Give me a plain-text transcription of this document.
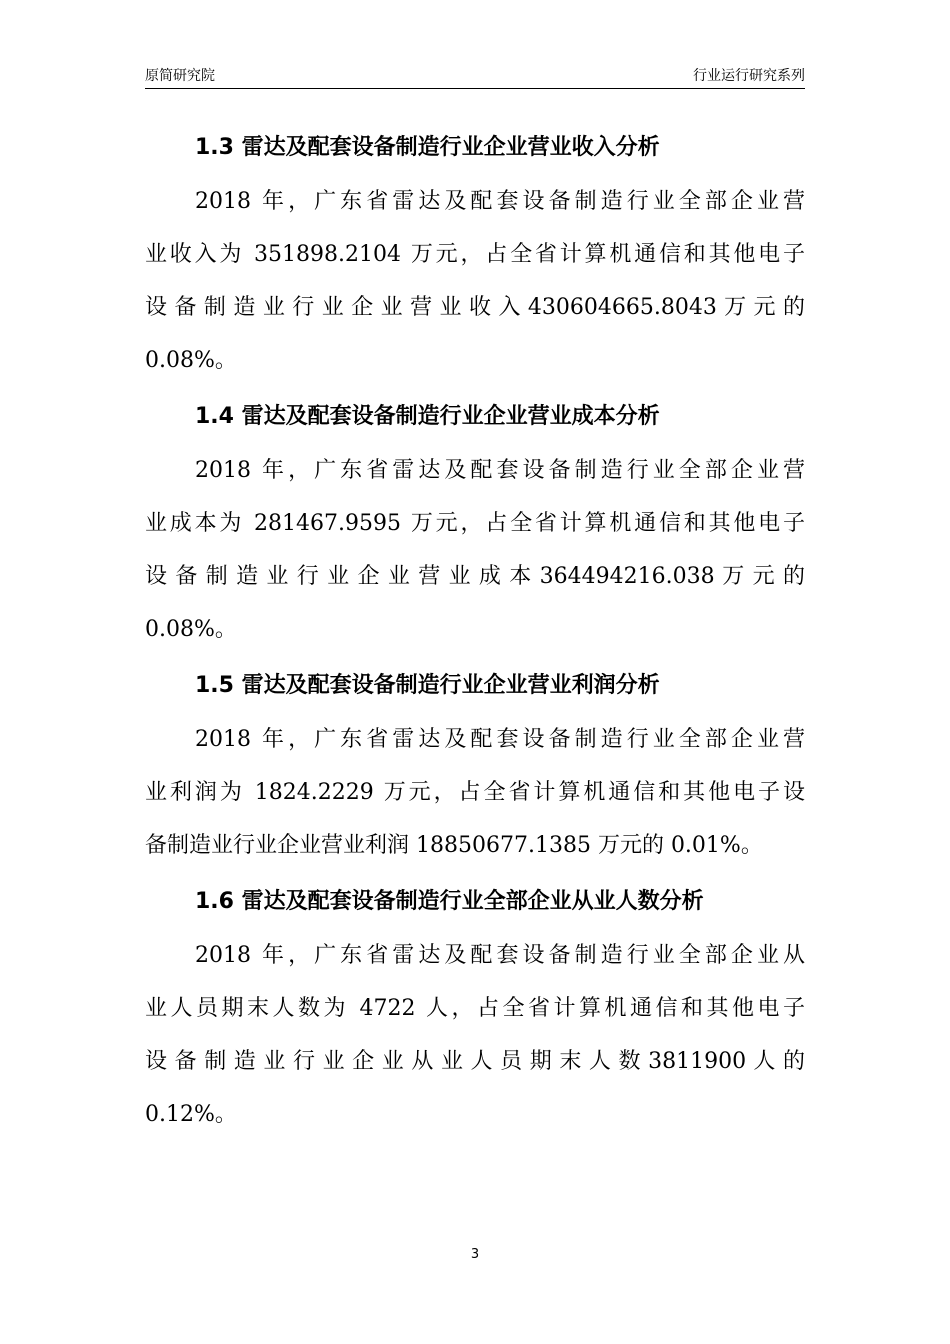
原简研究院	行业运行研究系列
1.3 雷达及配套设备制造行业企业营业收入分析

2018 年，广东省雷达及配套设备制造行业全部企业营
业收入为 351898.2104 万元，占全省计算机通信和其他电子
设 备 制 造 业 行 业 企 业 营 业 收 入 430604665.8043 万 元 的
0.08%。

1.4 雷达及配套设备制造行业企业营业成本分析

2018 年，广东省雷达及配套设备制造行业全部企业营
业成本为 281467.9595 万元，占全省计算机通信和其他电子
设 备 制 造 业 行 业 企 业 营 业 成 本 364494216.038 万 元 的
0.08%。

1.5 雷达及配套设备制造行业企业营业利润分析

2018 年，广东省雷达及配套设备制造行业全部企业营
业利润为 1824.2229 万元，占全省计算机通信和其他电子设
备制造业行业企业营业利润 18850677.1385 万元的 0.01%。

1.6 雷达及配套设备制造行业全部企业从业人数分析

2018 年，广东省雷达及配套设备制造行业全部企业从
业人员期末人数为 4722 人，占全省计算机通信和其他电子
设 备 制 造 业 行 业 企 业 从 业 人 员 期 末 人 数 3811900 人 的
0.12%。

3
